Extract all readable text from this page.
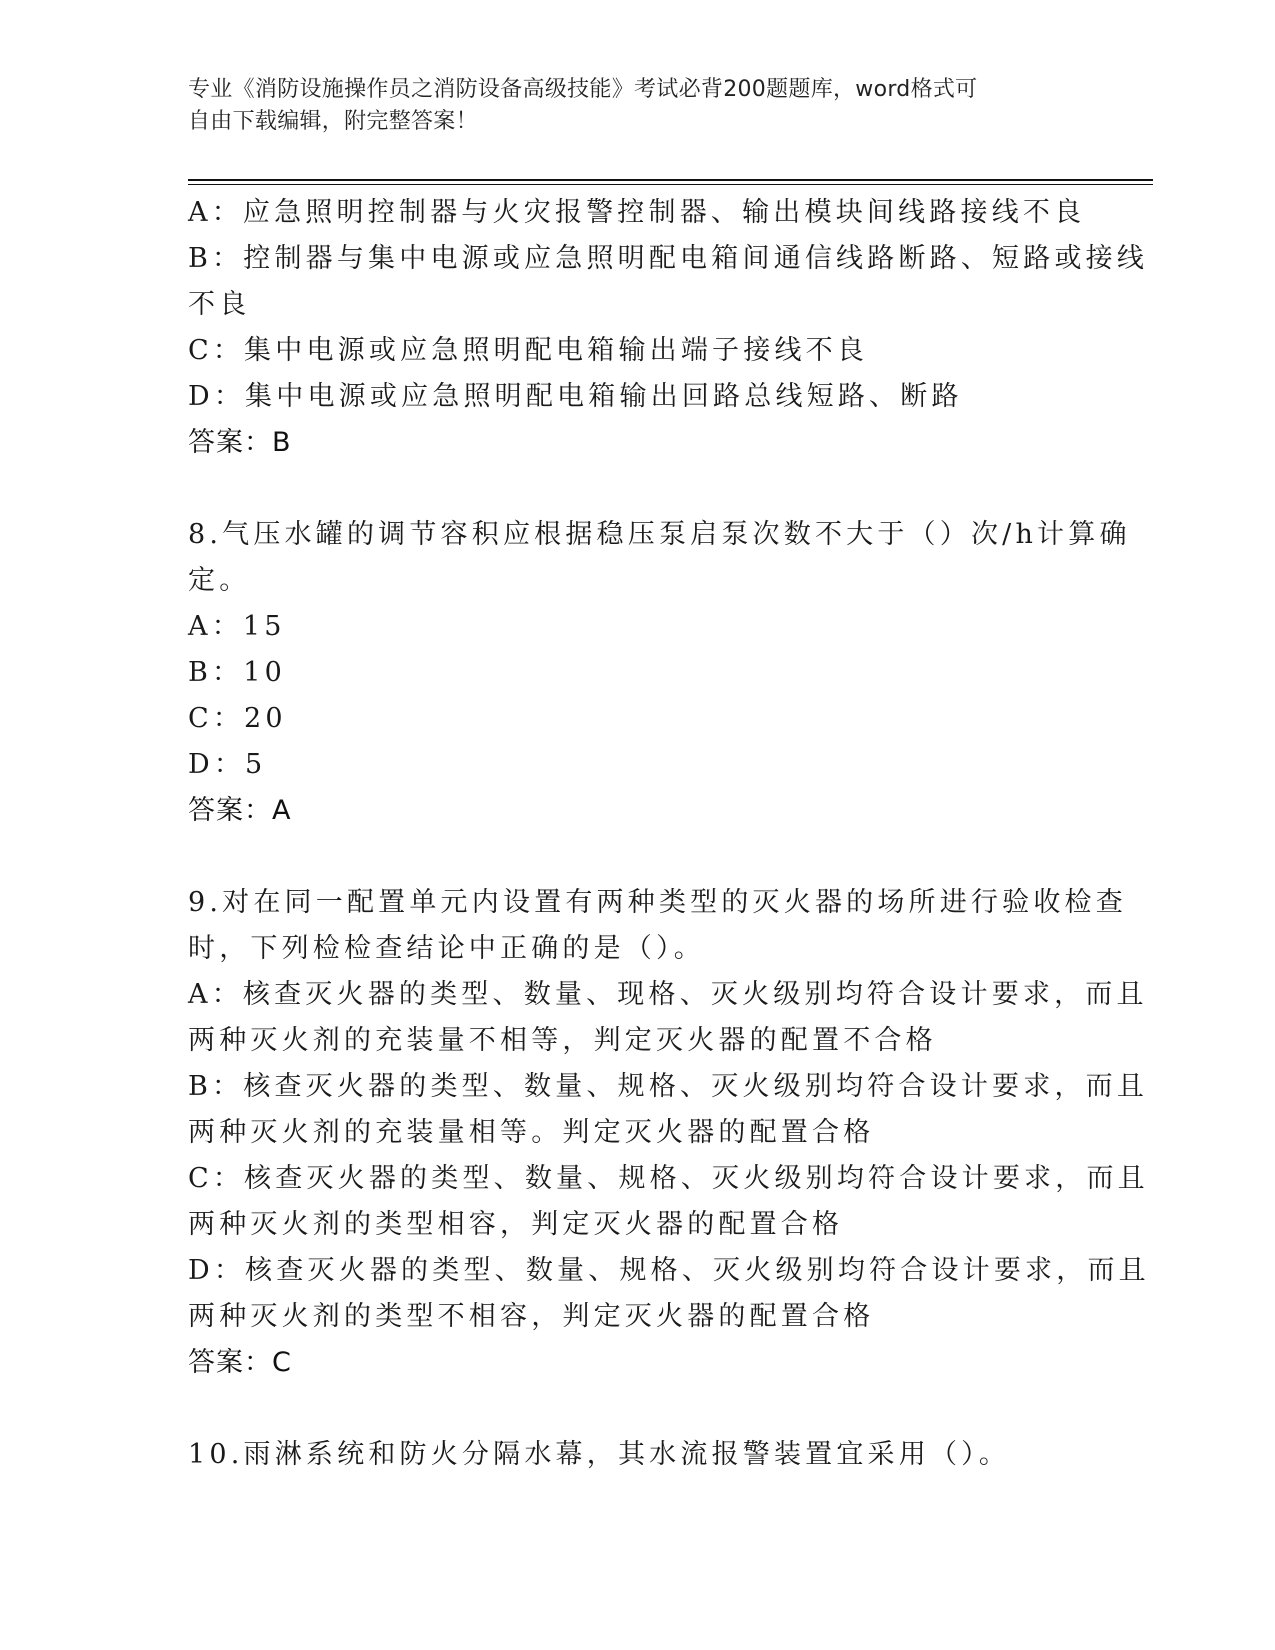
专业《消防设施操作员之消防设备高级技能》考试必背200题题库，word格式可
自由下载编辑，附完整答案！
A：应急照明控制器与火灾报警控制器、输出模块间线路接线不良
B：控制器与集中电源或应急照明配电箱间通信线路断路、短路或接线
不良
C：集中电源或应急照明配电箱输出端子接线不良
D：集中电源或应急照明配电箱输出回路总线短路、断路
答案：B
8.气压水罐的调节容积应根据稳压泵启泵次数不大于（）次/h计算确
定。
A：15
B：10
C：20
D：5
答案：A
9.对在同一配置单元内设置有两种类型的灭火器的场所进行验收检查
时，下列检检查结论中正确的是（）。
A：核查灭火器的类型、数量、现格、灭火级别均符合设计要求，而且
两种灭火剂的充装量不相等，判定灭火器的配置不合格
B：核查灭火器的类型、数量、规格、灭火级别均符合设计要求，而且
两种灭火剂的充装量相等。判定灭火器的配置合格
C：核查灭火器的类型、数量、规格、灭火级别均符合设计要求，而且
两种灭火剂的类型相容，判定灭火器的配置合格
D：核查灭火器的类型、数量、规格、灭火级别均符合设计要求，而且
两种灭火剂的类型不相容，判定灭火器的配置合格
答案：C
10.雨淋系统和防火分隔水幕，其水流报警装置宜采用（）。
